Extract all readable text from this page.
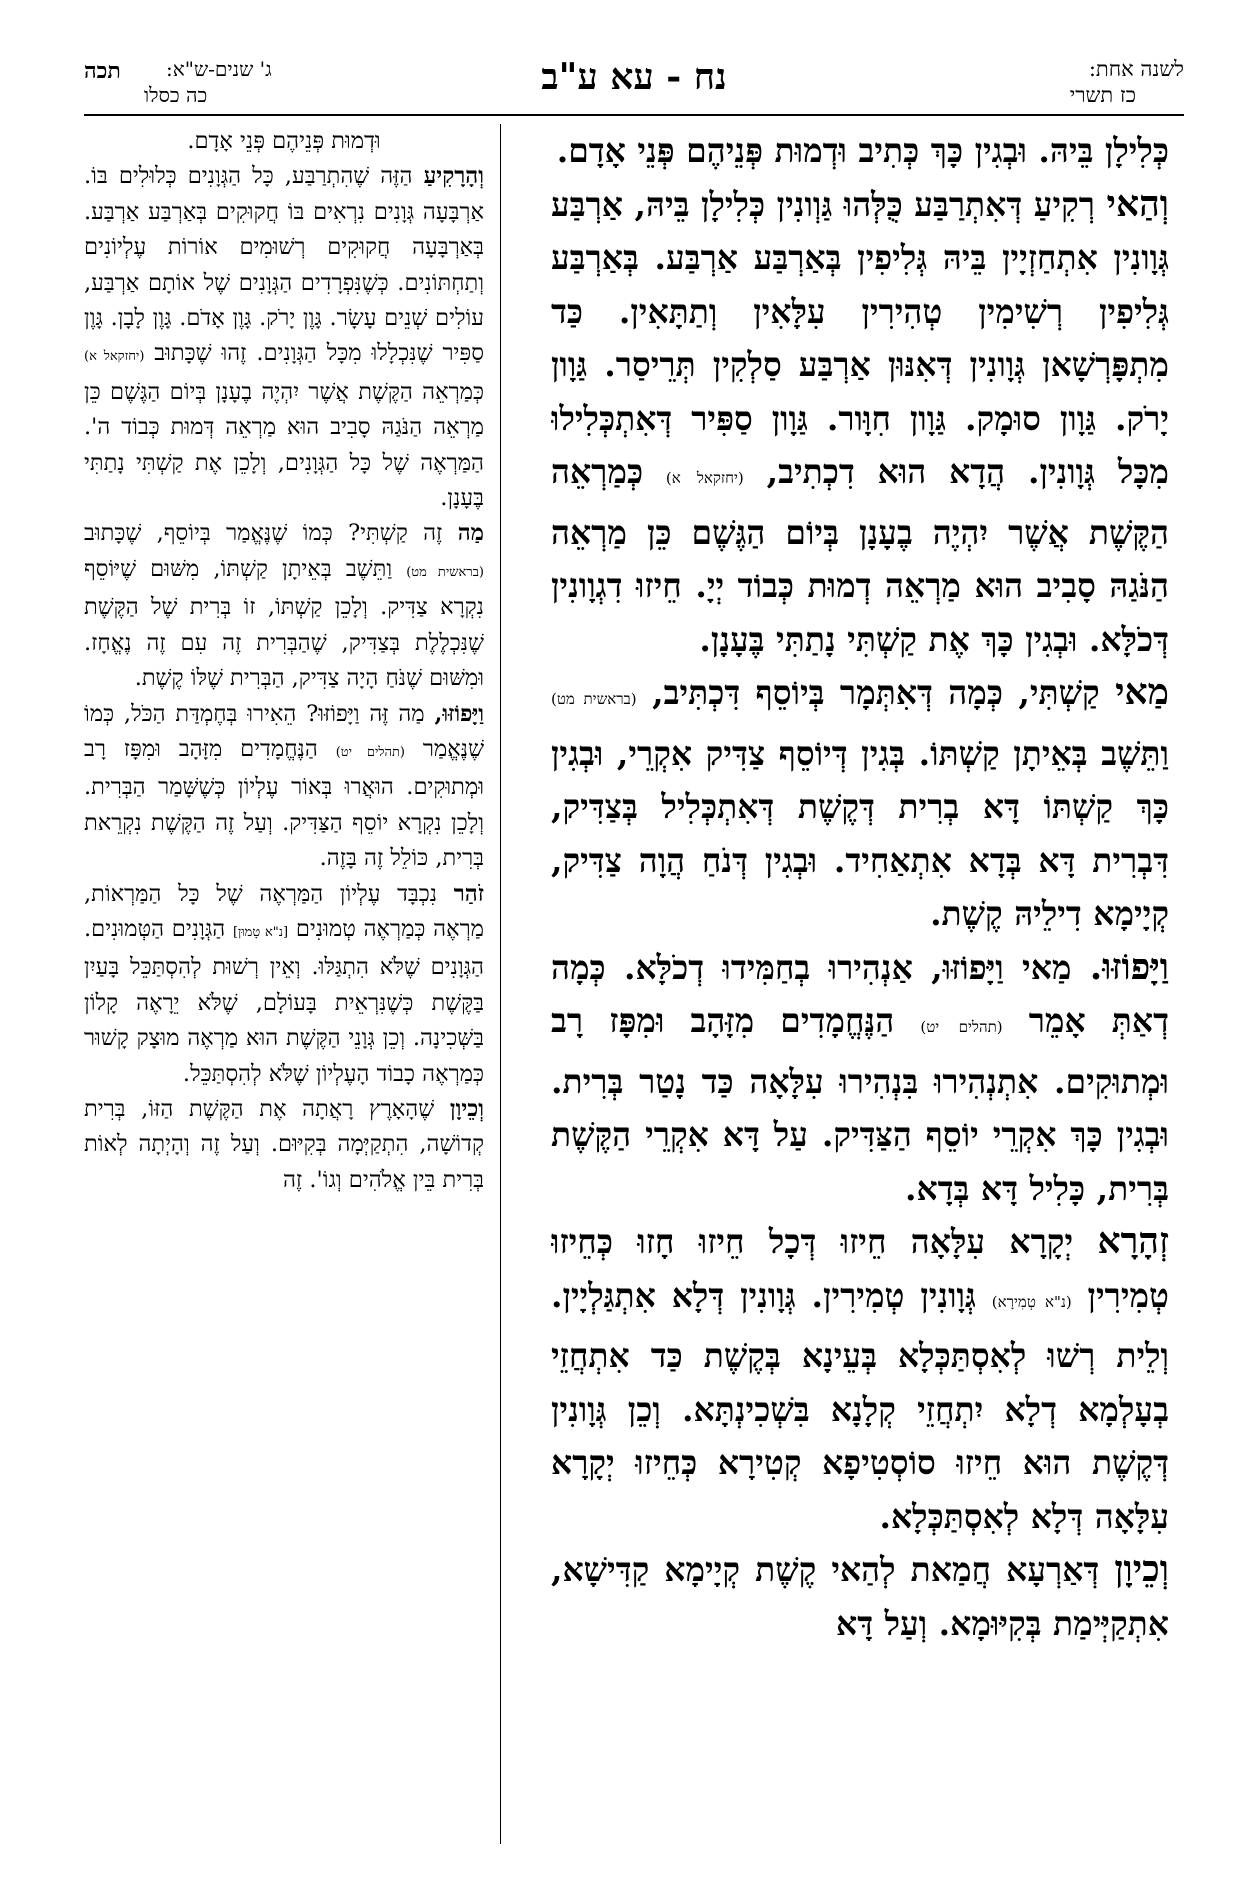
לשנה אחת:
כז תשרי
נח - עא ע"ב
תכה ג' שנים-ש"א:
כה כסלו

כְּלִילָן בֵּיהּ. וּבְגִין כָּךְ כְּתִיב וּדְמוּת פְּנֵיהֶם פְּנֵי אָדָם.

וְהַאי רְקִיעַ דְּאִתְרַבַּע כֻּלְּהוּ גַּוְונִין כְּלִילָן בֵּיהּ, אַרְבַּע גְּוָונִין אִתְחַזְיָין בֵּיהּ גְּלִיפִין בְּאַרְבַּע אַרְבַּע. בְּאַרְבַּע גְּלִיפִין רְשִׁימִין טְהִירִין עִלָּאִין וְתַתָּאִין. כַּד מִתְפָּרְשָׁאן גְּוָונִין דְּאִנּוּן אַרְבַּע סַלְקִין תְּרֵיסַר. גַּוָון יָרֹק. גַּוָון סוּמָק. גַּוָון חִוָּור. גַּוָון סַפִּיר דְּאִתְכְּלִילוּ מִכָּל גְּוָונִין. הֲדָא הוּא דִכְתִיב, (יחזקאל א) כְּמַרְאֵה הַקֶּשֶׁת אֲשֶׁר יִהְיֶה בֶעָנָן בְּיוֹם הַגֶּשֶׁם כֵּן מַרְאֵה הַנֹּגַהּ סָבִיב הוּא מַרְאֵה דְמוּת כְּבוֹד יְיָ. חֵיזוּ דִגְוָונִין דְּכֹלָּא. וּבְגִין כָּךְ אֶת קַשְׁתִּי נָתַתִּי בֶּעָנָן.

מַאי קַשְׁתִּי, כְּמָה דְּאִתְּמָר בְּיוֹסֵף דִּכְתִּיב, (בראשית מט) וַתֵּשֶׁב בְּאֵיתָן קַשְׁתּוֹ. בְּגִין דְּיוֹסֵף צַדִּיק אִקְרֵי, וּבְגִין כָּךְ קַשְׁתּוֹ דָּא בְרִית דְּקֶשֶׁת דְּאִתְכְּלִיל בְּצַדִּיק, דִּבְרִית דָּא בְּדָא אִתְאַחִיד. וּבְגִין דְּנֹחַ הֲוָה צַדִּיק, קְיָימָא דִילֵיהּ קֶשֶׁת.

וַיָּפוֹזּוּ. מַאי וַיָּפוֹזּוּ, אַנְהִירוּ בְחַמִּידוּ דְכֹלָּא. כְּמָה דְאַתְּ אָמֵר (תהלים יט) הַנֶּחֱמָדִים מִזָּהָב וּמִפָּז רָב וּמְתוּקִים. אִתְנְהִירוּ בִּנְהִירוּ עִלָּאָה כַּד נָטַר בְּרִית. וּבְגִין כָּךְ אִקְרֵי יוֹסֵף הַצַּדִּיק. עַל דָּא אִקְרֵי הַקֶּשֶׁת בְּרִית, כָּלִיל דָּא בְּדָא.

זְהָרָא יְקָרָא עִלָּאָה חֵיזוּ דְּכָל חֵיזוּ חָזוּ כְּחֵיזוּ טְמִירִין (נ"א טְמִירָא) גְּוָונִין טְמִירִין. גְּוָונִין דְּלָא אִתְגַּלְיָין. וְלֵית רְשׁוּ לְאִסְתַּכְּלָא בְּעֵינָא בְּקֶשֶׁת כַּד אִתְחֲזֵי בְעָלְמָא דְלָא יִתְחֲזֵי קְלָנָא בִּשְׁכִינְתָּא. וְכֵן גְּוָונִין דְּקֶשֶׁת הוּא חֵיזוּ סוֹסְטִיפָא קְטִירָא כְּחֵיזוּ יְקָרָא עִלָּאָה דְּלָא לְאִסְתַּכְּלָא.

וְכֵיוָן דְּאַרְעָא חֲמַאת לְהַאי קֶשֶׁת קְיָימָא קַדִּישָׁא, אִתְקַיְּימַת בְּקִיּוּמָא. וְעַל דָּא

וּדְמוּת פְּנֵיהֶם פְּנֵי אָדָם.

וְהָרָקִיעַ הַזֶּה שֶׁהִתְרַבַּע, כָּל הַגְּוָנִים כְּלוּלִים בּוֹ. אַרְבָּעָה גְּוָנִים נִרְאִים בּוֹ חֲקוּקִים בְּאַרְבַּע אַרְבַּע. בְּאַרְבָּעָה חֲקוּקִים רְשׁוּמִים אוֹרוֹת עֶלְיוֹנִים וְתַחְתּוֹנִים. כְּשֶׁנִּפְרָדִים הַגְּוָנִים שֶׁל אוֹתָם אַרְבַּע, עוֹלִים שְׁנֵים עָשָׂר. גָּוֶן יָרֹק. גָּוֶן אָדֹם. גָּוֶן לָבָן. גָּוֶן סַפִּיר שֶׁנִּכְלָלוּ מִכָּל הַגְּוָנִים. זֶהוּ שֶׁכָּתוּב (יחזקאל א) כְּמַרְאֵה הַקֶּשֶׁת אֲשֶׁר יִהְיֶה בֶעָנָן בְּיוֹם הַגֶּשֶׁם כֵּן מַרְאֵה הַנֹּגַהּ סָבִיב הוּא מַרְאֵה דְּמוּת כְּבוֹד ה'. הַמַּרְאֶה שֶׁל כָּל הַגְּוָנִים, וְלָכֵן אֶת קַשְׁתִּי נָתַתִּי בֶּעָנָן.

מַה זֶה קַשְׁתִּי? כְּמוֹ שֶׁנֶּאֱמַר בְּיוֹסֵף, שֶׁכָּתוּב (בראשית מט) וַתֵּשֶׁב בְּאֵיתָן קַשְׁתּוֹ, מִשּׁוּם שֶׁיּוֹסֵף נִקְרָא צַדִּיק. וְלָכֵן קַשְׁתּוֹ, זוֹ בְּרִית שֶׁל הַקֶּשֶׁת שֶׁנִּכְלֶלֶת בְּצַדִּיק, שֶׁהַבְּרִית זֶה עִם זֶה נֶאֱחָז. וּמִשּׁוּם שֶׁנֹּחַ הָיָה צַדִּיק, הַבְּרִית שֶׁלּוֹ קֶשֶׁת.

וַיָּפוֹזּוּ, מַה זֶּה וַיָּפוֹזּוּ? הֵאִירוּ בְּחֶמְדַּת הַכֹּל, כְּמוֹ שֶׁנֶּאֱמַר (תהלים יט) הַנֶּחֱמָדִים מִזָּהָב וּמִפָּז רָב וּמְתוּקִים. הוּאֲרוּ בְּאוֹר עֶלְיוֹן כְּשֶׁשָּׁמַר הַבְּרִית. וְלָכֵן נִקְרָא יוֹסֵף הַצַּדִּיק. וְעַל זֶה הַקֶּשֶׁת נִקְרֵאת בְּרִית, כּוֹלֵל זֶה בָּזֶה.

זֹהַר נִכְבָּד עֶלְיוֹן הַמַּרְאֶה שֶׁל כָּל הַמַּרְאוֹת, מַרְאֶה כְּמַרְאֶה טְמוּנִים [נ"א טָמוּן] הַגְּוָנִים הַטְּמוּנִים. הַגְּוָנִים שֶׁלֹּא הִתְגַּלּוּ. וְאֵין רְשׁוּת לְהִסְתַּכֵּל בָּעַיִן בַּקֶּשֶׁת כְּשֶׁנִּרְאֵית בָּעוֹלָם, שֶׁלֹּא יֵרָאֶה קָלוֹן בַּשְּׁכִינָה. וְכֵן גְּוָנֵי הַקֶּשֶׁת הוּא מַרְאֶה מוּצָק קָשׁוּר כְּמַרְאֶה כָבוֹד הָעֶלְיוֹן שֶׁלֹּא לְהִסְתַּכֵּל.

וְכֵיוָן שֶׁהָאָרֶץ רָאֲתָה אֶת הַקֶּשֶׁת הַזּוֹ, בְּרִית קְדוֹשָׁה, הִתְקַיְּמָה בְּקִיּוּם. וְעַל זֶה וְהָיְתָה לְאוֹת בְּרִית בֵּין אֱלֹהִים וְגוֹ'. זֶה
